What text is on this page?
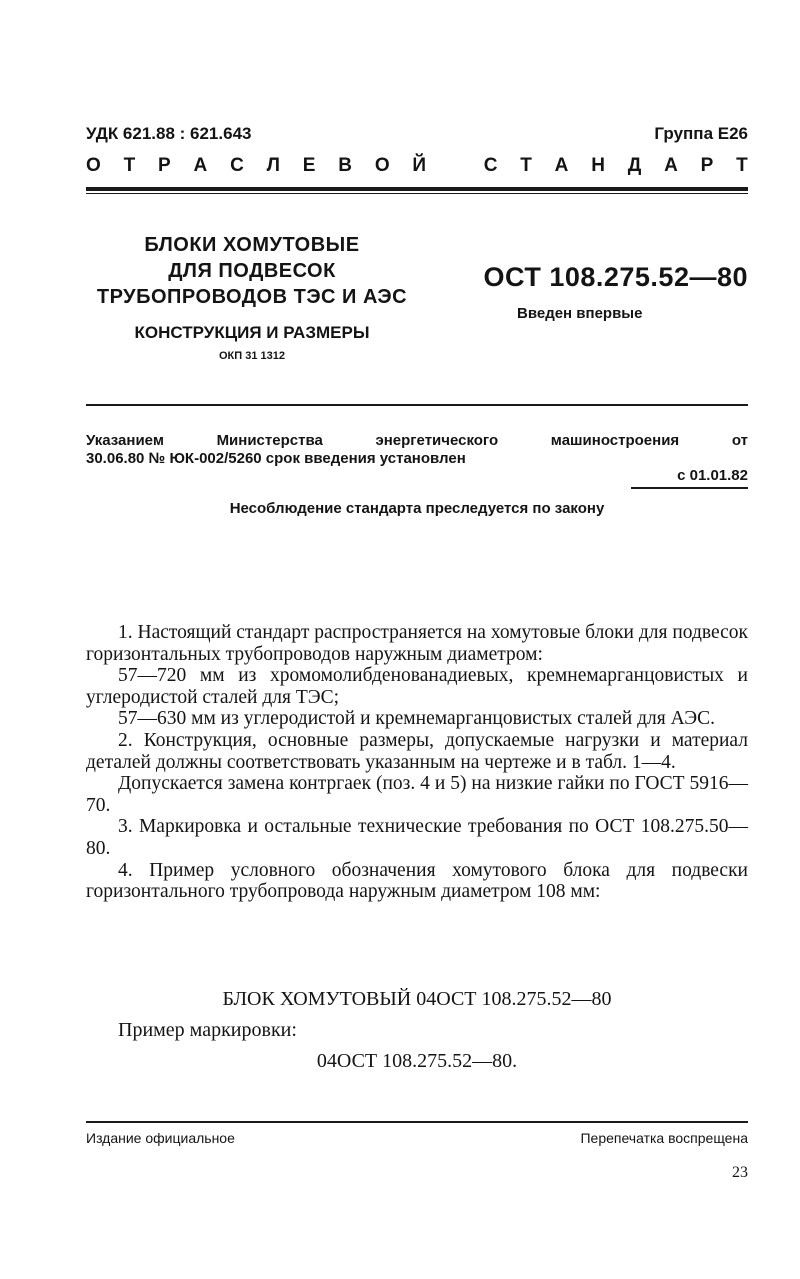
УДК 621.88 : 621.643	Группа Е26
О Т Р А С Л Е В О Й	С Т А Н Д А Р Т
БЛОКИ ХОМУТОВЫЕ
ДЛЯ ПОДВЕСОК
ТРУБОПРОВОДОВ ТЭС И АЭС
КОНСТРУКЦИЯ И РАЗМЕРЫ
ОКП 31 1312
ОСТ 108.275.52—80
Введен впервые
Указанием	Министерства	энергетического	машиностроения	от
30.06.80 № ЮК-002/5260 срок введения установлен
с 01.01.82
Несоблюдение стандарта преследуется по закону

1. Настоящий стандарт распространяется на хомутовые блоки для подвесок горизонтальных трубопроводов наружным диаметром:

57—720 мм из хромомолибденованадиевых, кремнемарганцовистых и углеродистой сталей для ТЭС;

57—630 мм из углеродистой и кремнемарганцовистых сталей для АЭС.

2. Конструкция, основные размеры, допускаемые нагрузки и материал деталей должны соответствовать указанным на чертеже и в табл. 1—4.

Допускается замена контргаек (поз. 4 и 5) на низкие гайки по ГОСТ 5916—70.

3. Маркировка и остальные технические требования по ОСТ 108.275.50—80.

4. Пример условного обозначения хомутового блока для подвески горизонтального трубопровода наружным диаметром 108 мм:

БЛОК ХОМУТОВЫЙ 04ОСТ 108.275.52—80
Пример маркировки:
04ОСТ 108.275.52—80.
Издание официальное	Перепечатка воспрещена
23
